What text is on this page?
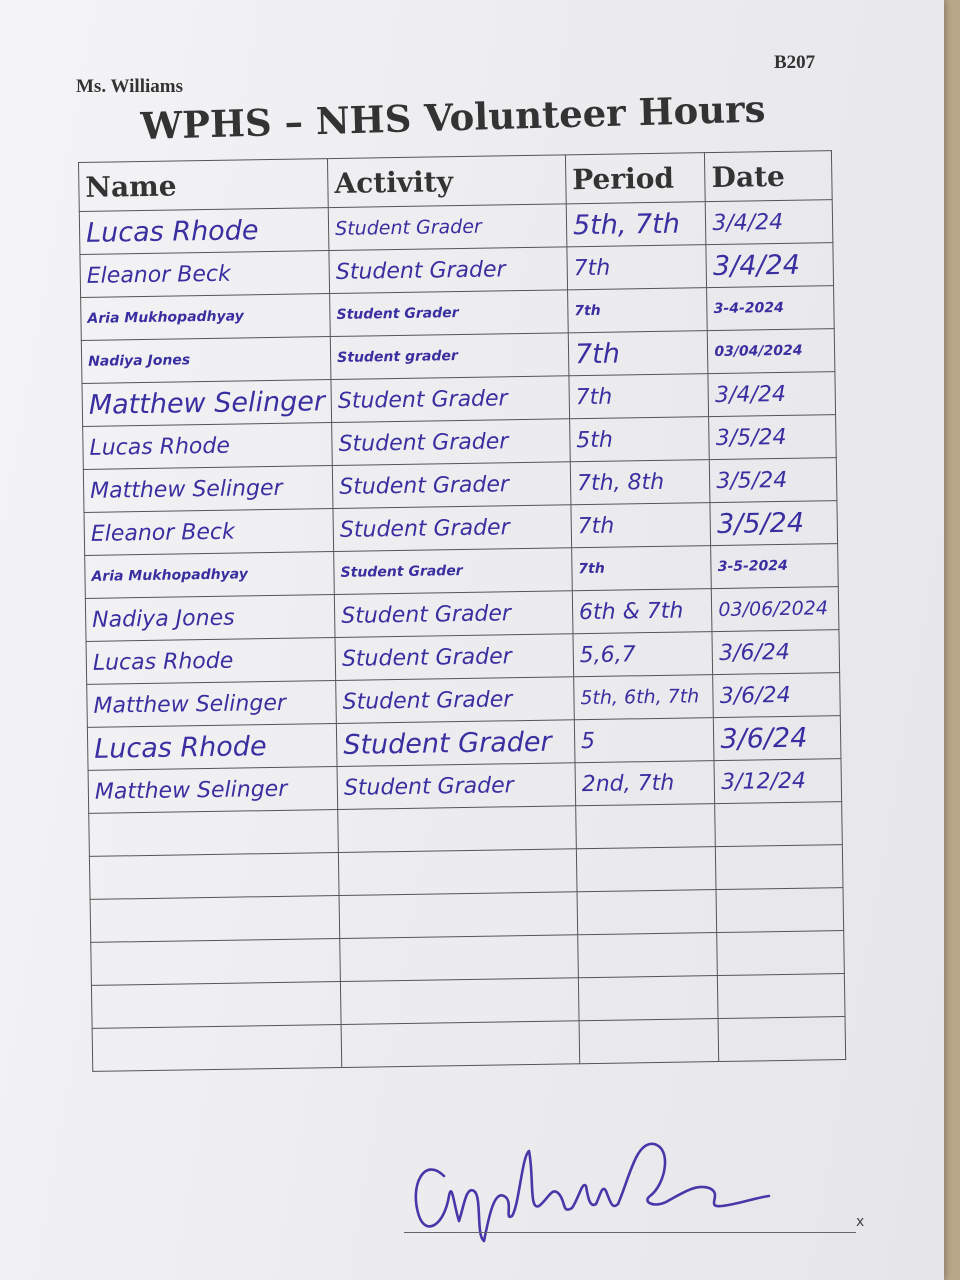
Ms. Williams
B207
WPHS – NHS Volunteer Hours
Name	Activity	Period	Date
Lucas Rhode	Student Grader	5th, 7th	3/4/24
Eleanor Beck	Student Grader	7th	3/4/24
Aria Mukhopadhyay	Student Grader	7th	3-4-2024
Nadiya Jones	Student grader	7th	03/04/2024
Matthew Selinger	Student Grader	7th	3/4/24
Lucas Rhode	Student Grader	5th	3/5/24
Matthew Selinger	Student Grader	7th, 8th	3/5/24
Eleanor Beck	Student Grader	7th	3/5/24
Aria Mukhopadhyay	Student Grader	7th	3-5-2024
Nadiya Jones	Student Grader	6th & 7th	03/06/2024
Lucas Rhode	Student Grader	5,6,7	3/6/24
Matthew Selinger	Student Grader	5th, 6th, 7th	3/6/24
Lucas Rhode	Student Grader	5	3/6/24
Matthew Selinger	Student Grader	2nd, 7th	3/12/24

x
